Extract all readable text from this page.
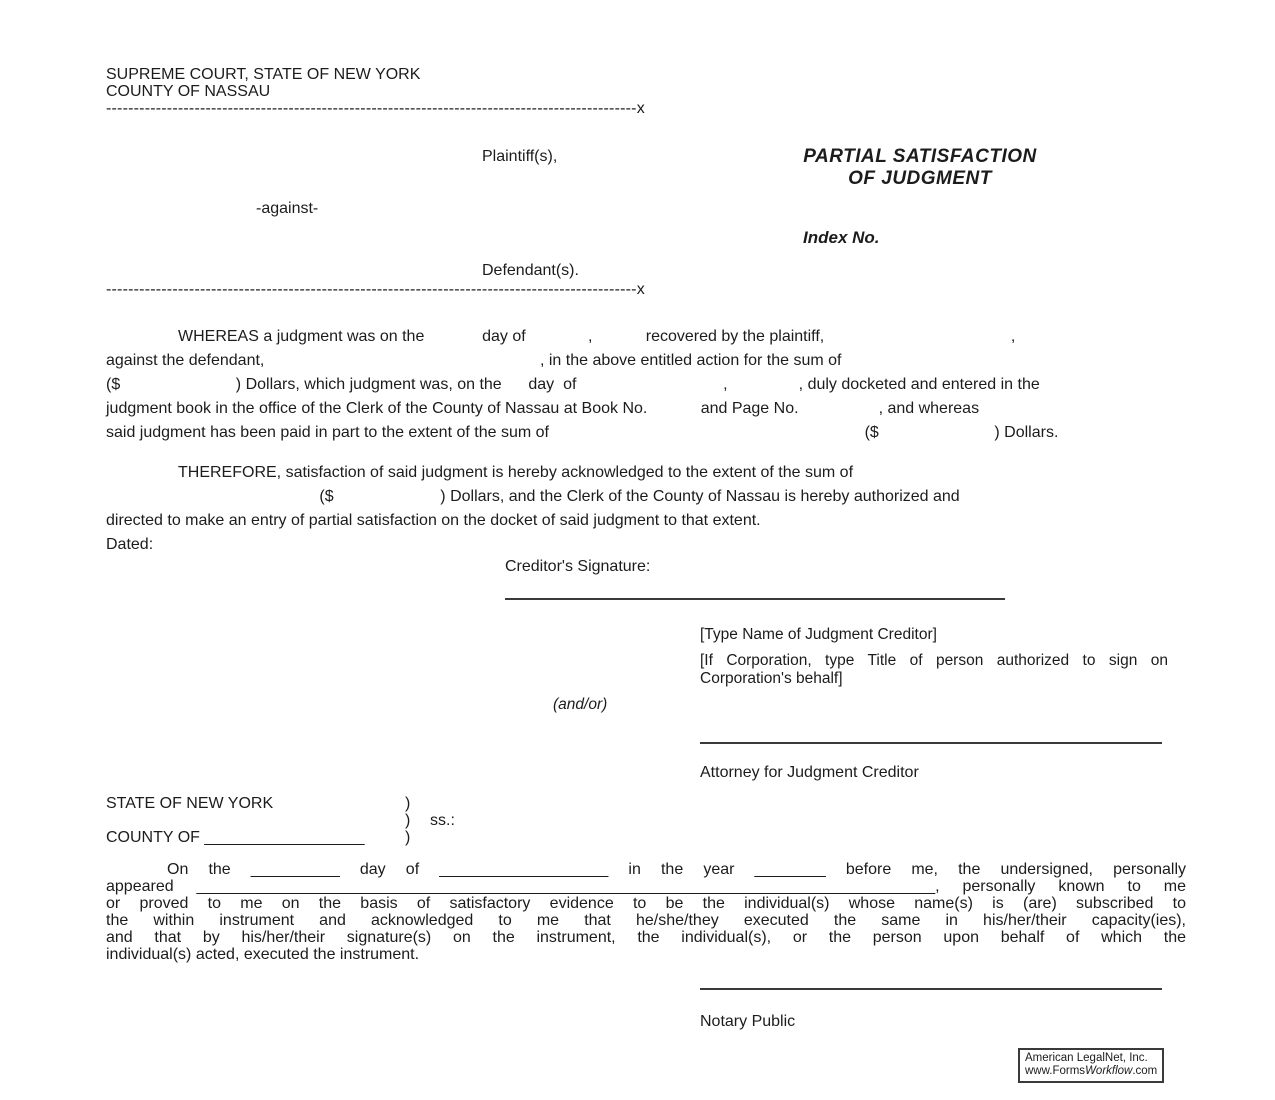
SUPREME COURT, STATE OF NEW YORK
COUNTY OF NASSAU
------------------------------------------------------------------------------------------------x
Plaintiff(s),	PARTIAL SATISFACTION
OF JUDGMENT
-against-
Index No.
Defendant(s).
------------------------------------------------------------------------------------------------x
WHEREAS a judgment was on the             day of              ,            recovered by the plaintiff,                                          ,
against the defendant,                                                              , in the above entitled action for the sum of
($                          ) Dollars, which judgment was, on the      day  of                                 ,                , duly docketed and entered in the
judgment book in the office of the Clerk of the County of Nassau at Book No.            and Page No.                  , and whereas
said judgment has been paid in part to the extent of the sum of                                                                       ($                          ) Dollars.
THEREFORE, satisfaction of said judgment is hereby acknowledged to the extent of the sum of
($                        ) Dollars, and the Clerk of the County of Nassau is hereby authorized and
directed to make an entry of partial satisfaction on the docket of said judgment to that extent.
Dated:
Creditor's Signature:
[Type Name of Judgment Creditor]
[If Corporation, type Title of person authorized to sign on Corporation's behalf]
(and/or)
Attorney for Judgment Creditor
STATE OF NEW YORK	)
) ss.:
COUNTY OF __________________	)
On the __________ day of ___________________ in the year ________ before me, the undersigned, personally
appeared ___________________________________________________________________________________, personally known to me
or proved to me on the basis of satisfactory evidence to be the individual(s) whose name(s) is (are) subscribed to
the within instrument and acknowledged to me that he/she/they executed the same in his/her/their capacity(ies),
and that by his/her/their signature(s) on the instrument, the individual(s), or the person upon behalf of which the
individual(s) acted, executed the instrument.
Notary Public
American LegalNet, Inc.
www.FormsWorkflow.com
